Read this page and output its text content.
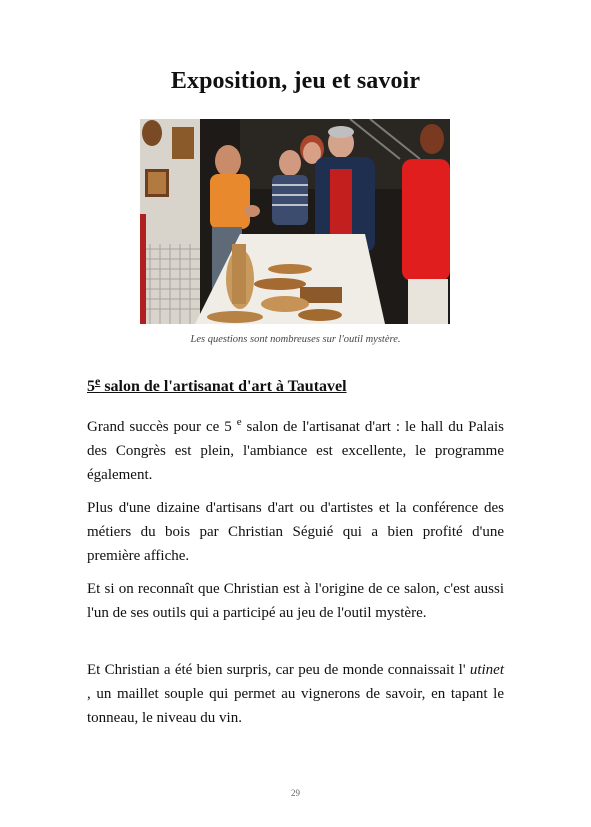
Exposition, jeu et savoir
Les questions sont nombreuses sur l'outil mystère.
5e salon de l'artisanat d'art à Tautavel
Grand succès pour ce 5 $^e$ salon de l'artisanat d'art : le hall du Palais des Congrès est plein, l'ambiance est excellente, le programme également.
Plus d'une dizaine d'artisans d'art ou d'artistes et la conférence des métiers du bois par Christian Séguié qui a bien profité d'une première affiche.
Et si on reconnaît que Christian est à l'origine de ce salon, c'est aussi l'un de ses outils qui a participé au jeu de l'outil mystère.
Et Christian a été bien surpris, car peu de monde connaissait l' utinet , un maillet souple qui permet au vignerons de savoir, en tapant le tonneau, le niveau du vin.
29
